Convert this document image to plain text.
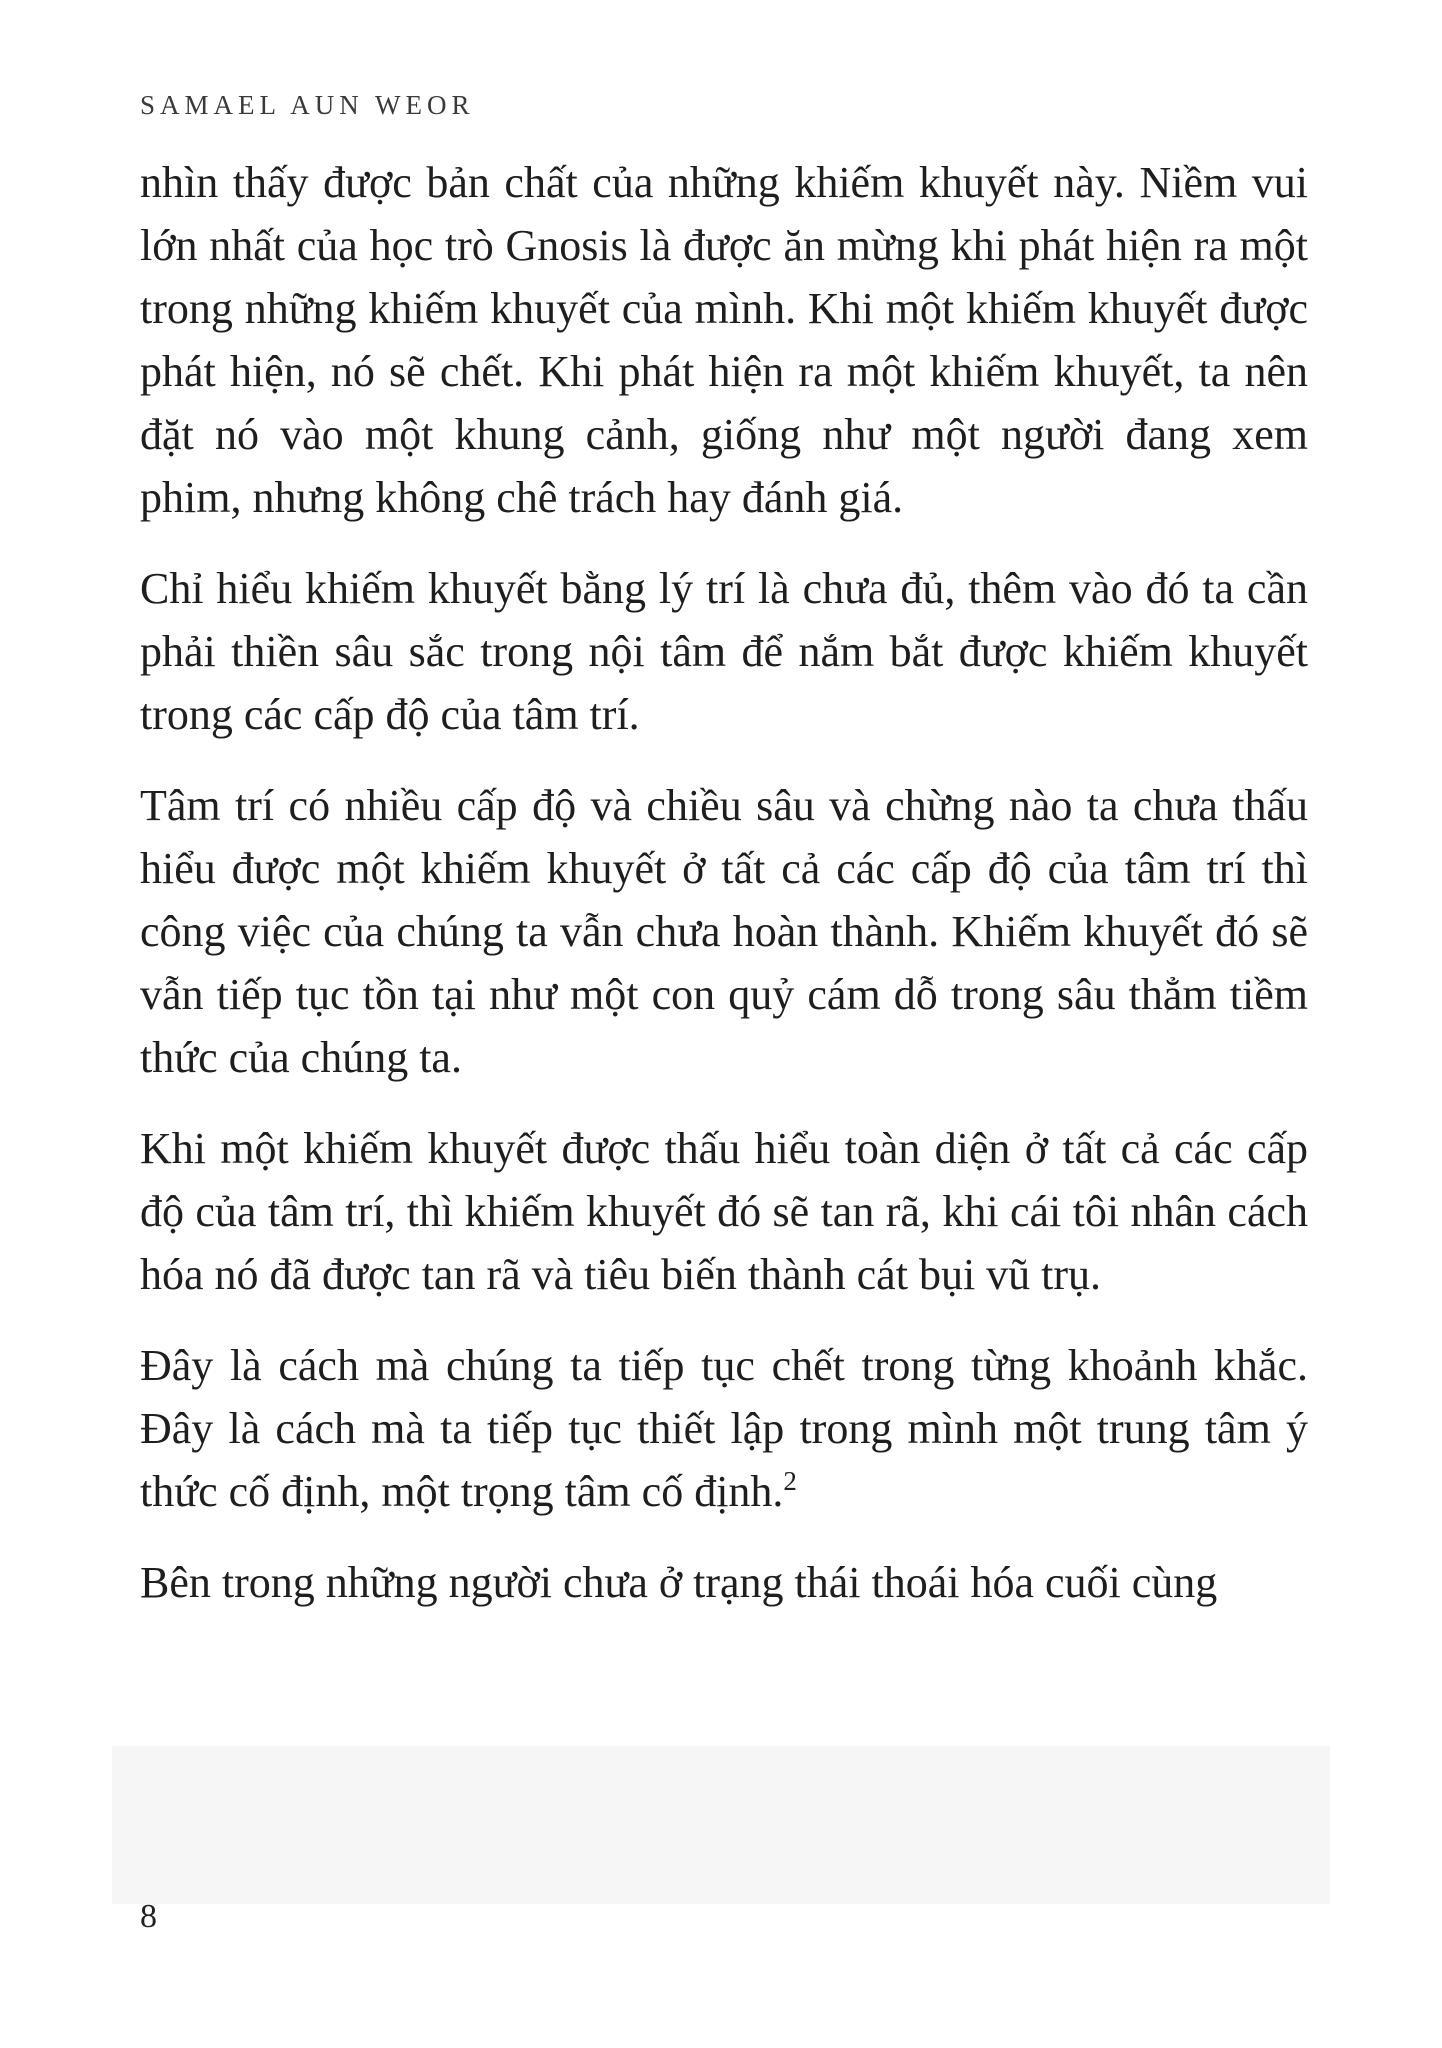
SAMAEL AUN WEOR

nhìn thấy được bản chất của những khiếm khuyết này. Niềm vui lớn nhất của học trò Gnosis là được ăn mừng khi phát hiện ra một trong những khiếm khuyết của mình. Khi một khiếm khuyết được phát hiện, nó sẽ chết. Khi phát hiện ra một khiếm khuyết, ta nên đặt nó vào một khung cảnh, giống như một người đang xem phim, nhưng không chê trách hay đánh giá.

Chỉ hiểu khiếm khuyết bằng lý trí là chưa đủ, thêm vào đó ta cần phải thiền sâu sắc trong nội tâm để nắm bắt được khiếm khuyết trong các cấp độ của tâm trí.

Tâm trí có nhiều cấp độ và chiều sâu và chừng nào ta chưa thấu hiểu được một khiếm khuyết ở tất cả các cấp độ của tâm trí thì công việc của chúng ta vẫn chưa hoàn thành. Khiếm khuyết đó sẽ vẫn tiếp tục tồn tại như một con quỷ cám dỗ trong sâu thẳm tiềm thức của chúng ta.

Khi một khiếm khuyết được thấu hiểu toàn diện ở tất cả các cấp độ của tâm trí, thì khiếm khuyết đó sẽ tan rã, khi cái tôi nhân cách hóa nó đã được tan rã và tiêu biến thành cát bụi vũ trụ.

Đây là cách mà chúng ta tiếp tục chết trong từng khoảnh khắc. Đây là cách mà ta tiếp tục thiết lập trong mình một trung tâm ý thức cố định, một trọng tâm cố định.$^2$

Bên trong những người chưa ở trạng thái thoái hóa cuối cùng

8
